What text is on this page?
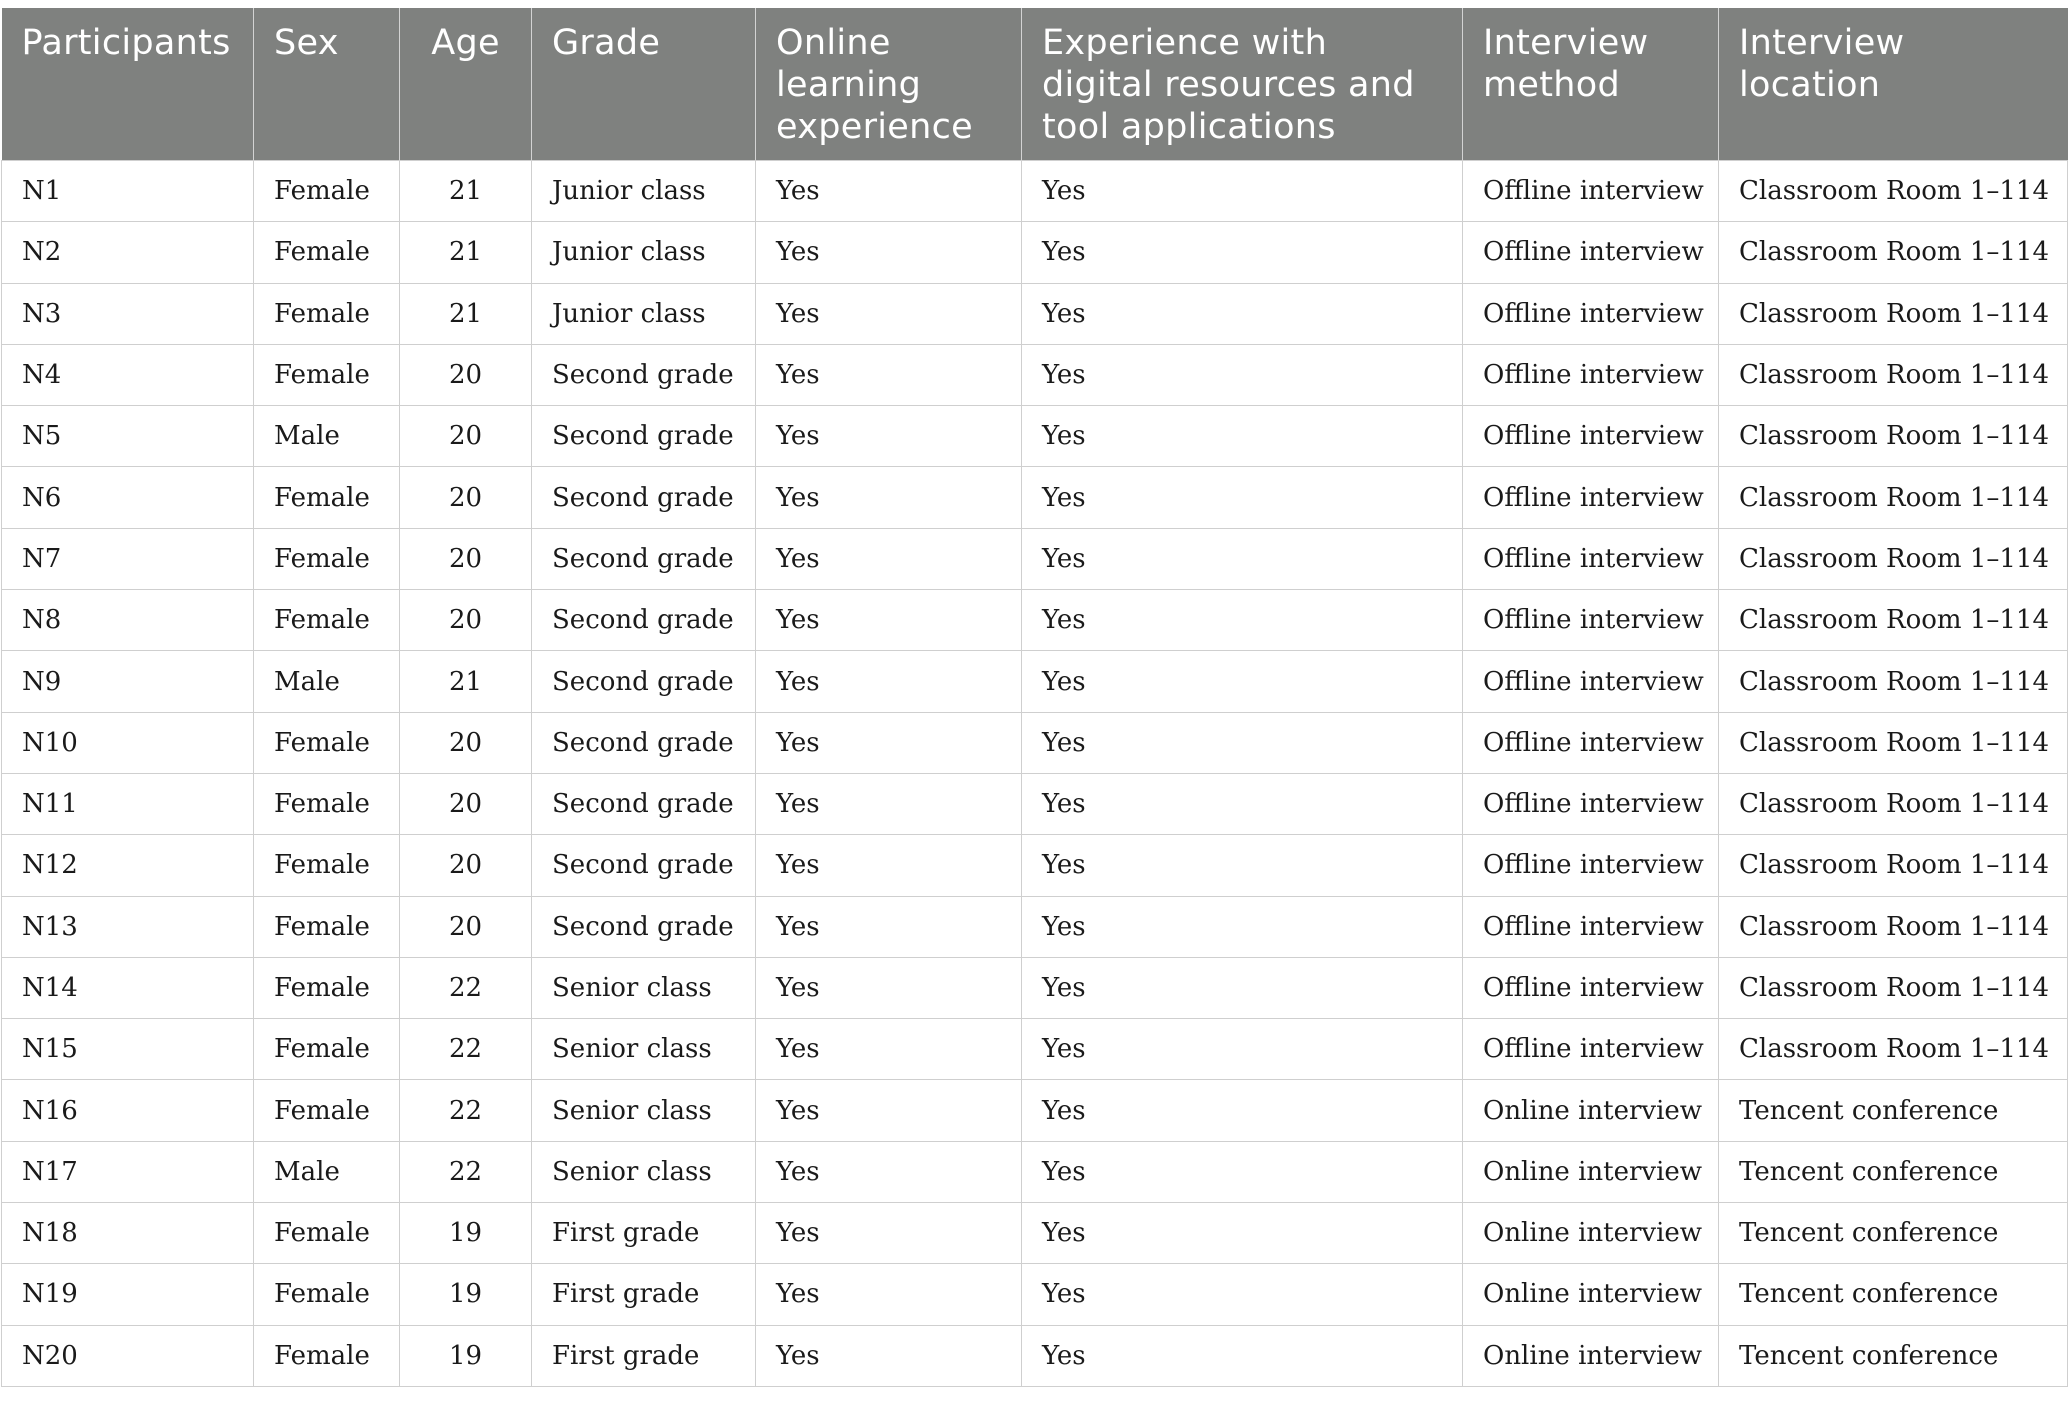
Participants	Sex	Age	Grade	Online learning experience	Experience with digital resources and tool applications	Interview method	Interview location
N1	Female	21	Junior class	Yes	Yes	Offline interview	Classroom Room 1–114
N2	Female	21	Junior class	Yes	Yes	Offline interview	Classroom Room 1–114
N3	Female	21	Junior class	Yes	Yes	Offline interview	Classroom Room 1–114
N4	Female	20	Second grade	Yes	Yes	Offline interview	Classroom Room 1–114
N5	Male	20	Second grade	Yes	Yes	Offline interview	Classroom Room 1–114
N6	Female	20	Second grade	Yes	Yes	Offline interview	Classroom Room 1–114
N7	Female	20	Second grade	Yes	Yes	Offline interview	Classroom Room 1–114
N8	Female	20	Second grade	Yes	Yes	Offline interview	Classroom Room 1–114
N9	Male	21	Second grade	Yes	Yes	Offline interview	Classroom Room 1–114
N10	Female	20	Second grade	Yes	Yes	Offline interview	Classroom Room 1–114
N11	Female	20	Second grade	Yes	Yes	Offline interview	Classroom Room 1–114
N12	Female	20	Second grade	Yes	Yes	Offline interview	Classroom Room 1–114
N13	Female	20	Second grade	Yes	Yes	Offline interview	Classroom Room 1–114
N14	Female	22	Senior class	Yes	Yes	Offline interview	Classroom Room 1–114
N15	Female	22	Senior class	Yes	Yes	Offline interview	Classroom Room 1–114
N16	Female	22	Senior class	Yes	Yes	Online interview	Tencent conference
N17	Male	22	Senior class	Yes	Yes	Online interview	Tencent conference
N18	Female	19	First grade	Yes	Yes	Online interview	Tencent conference
N19	Female	19	First grade	Yes	Yes	Online interview	Tencent conference
N20	Female	19	First grade	Yes	Yes	Online interview	Tencent conference
